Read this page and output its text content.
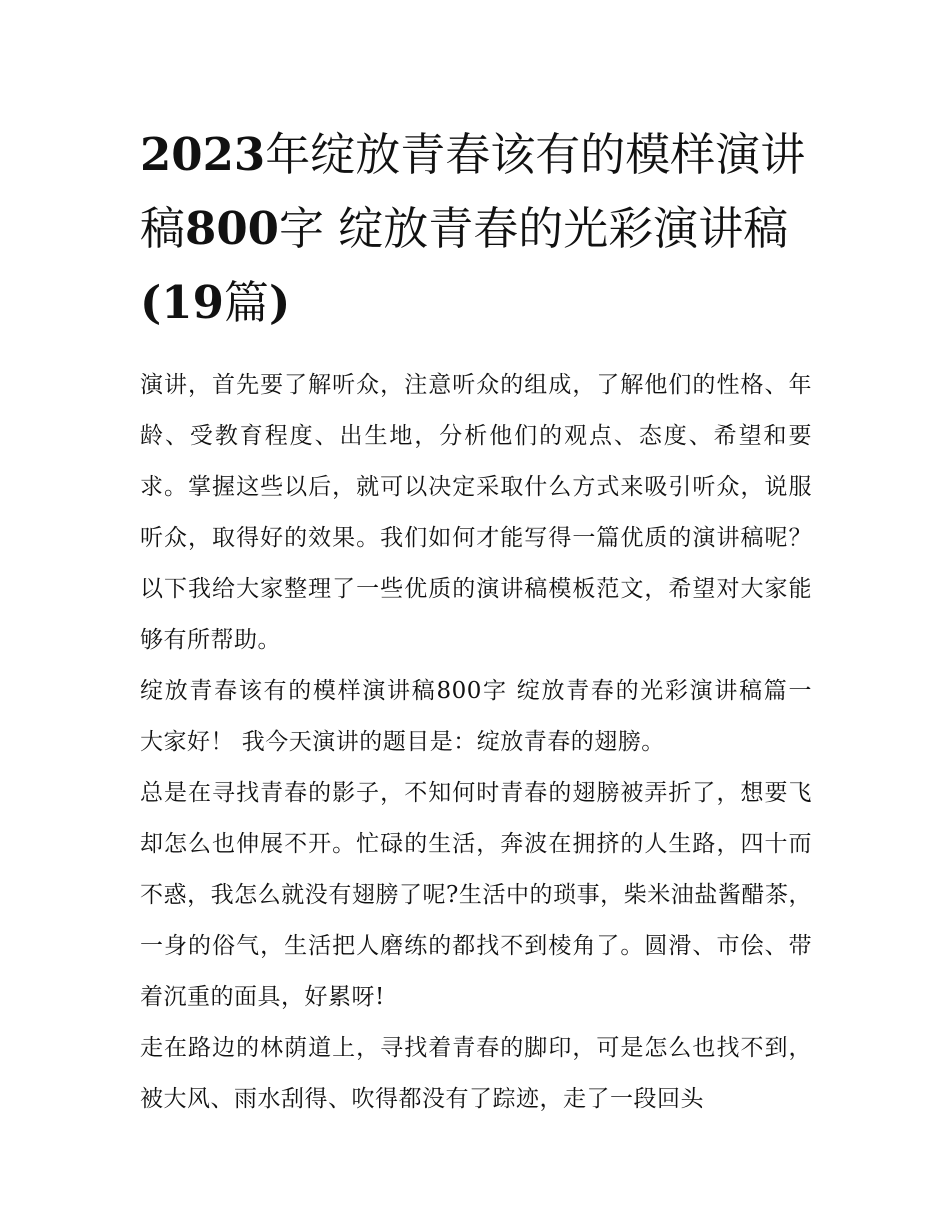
2023年绽放青春该有的模样演讲稿800字 绽放青春的光彩演讲稿(19篇)

演讲，首先要了解听众，注意听众的组成，了解他们的性格、年龄、受教育程度、出生地，分析他们的观点、态度、希望和要求。掌握这些以后，就可以决定采取什么方式来吸引听众，说服听众，取得好的效果。我们如何才能写得一篇优质的演讲稿呢？以下我给大家整理了一些优质的演讲稿模板范文，希望对大家能够有所帮助。

绽放青春该有的模样演讲稿800字 绽放青春的光彩演讲稿篇一 大家好！ 我今天演讲的题目是：绽放青春的翅膀。

总是在寻找青春的影子，不知何时青春的翅膀被弄折了，想要飞却怎么也伸展不开。忙碌的生活，奔波在拥挤的人生路，四十而不惑，我怎么就没有翅膀了呢?生活中的琐事，柴米油盐酱醋茶，一身的俗气，生活把人磨练的都找不到棱角了。圆滑、市侩、带着沉重的面具，好累呀!

走在路边的林荫道上，寻找着青春的脚印，可是怎么也找不到，被大风、雨水刮得、吹得都没有了踪迹，走了一段回头
